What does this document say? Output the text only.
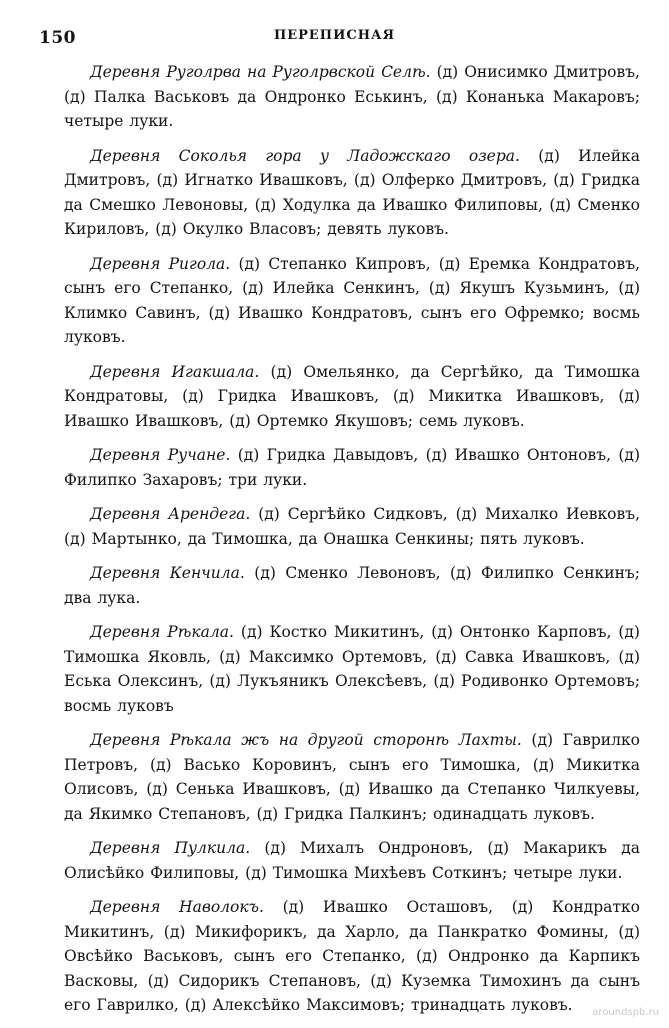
150	ПЕРЕПИСНАЯ

Деревня Руголрва на Руголрвской Селѣ. (д) Онисимко Дмитровъ, (д) Палка Васьковъ да Ондронко Еськинъ, (д) Конанька Макаровъ; четыре луки.

Деревня Соколья гора у Ладожскаго озера. (д) Илейка Дмитровъ, (д) Игнатко Ивашковъ, (д) Олферко Дмитровъ, (д) Гридка да Смешко Левоновы, (д) Ходулка да Ивашко Филиповы, (д) Сменко Кириловъ, (д) Окулко Власовъ; девять луковъ.

Деревня Ригола. (д) Степанко Кипровъ, (д) Еремка Кондратовъ, сынъ его Степанко, (д) Илейка Сенкинъ, (д) Якушъ Кузьминъ, (д) Климко Савинъ, (д) Ивашко Кондратовъ, сынъ его Офремко; восмь луковъ.

Деревня Игакшала. (д) Омельянко, да Сергѣйко, да Тимошка Кондратовы, (д) Гридка Ивашковъ, (д) Микитка Ивашковъ, (д) Ивашко Ивашковъ, (д) Ортемко Якушовъ; семь луковъ.

Деревня Ручане. (д) Гридка Давыдовъ, (д) Ивашко Онтоновъ, (д) Филипко Захаровъ; три луки.

Деревня Арендега. (д) Сергѣйко Сидковъ, (д) Михалко Иевковъ, (д) Мартынко, да Тимошка, да Онашка Сенкины; пять луковъ.

Деревня Кенчила. (д) Сменко Левоновъ, (д) Филипко Сенкинъ; два лука.

Деревня Рѣкала. (д) Костко Микитинъ, (д) Онтонко Карповъ, (д) Тимошка Яковль, (д) Максимко Ортемовъ, (д) Савка Ивашковъ, (д) Еська Олексинъ, (д) Лукъяникъ Олексѣевъ, (д) Родивонко Ортемовъ; восмь луковъ

Деревня Рѣкала жъ на другой сторонѣ Лахты. (д) Гаврилко Петровъ, (д) Васько Коровинъ, сынъ его Тимошка, (д) Микитка Олисовъ, (д) Сенька Ивашковъ, (д) Ивашко да Степанко Чилкуевы, да Якимко Степановъ, (д) Гридка Палкинъ; одинадцать луковъ.

Деревня Пулкила. (д) Михалъ Ондроновъ, (д) Макарикъ да Олисѣйко Филиповы, (д) Тимошка Михѣевъ Соткинъ; четыре луки.

Деревня Наволокъ. (д) Ивашко Осташовъ, (д) Кондратко Микитинъ, (д) Микифорикъ, да Харло, да Панкратко Фомины, (д) Овсѣйко Васьковъ, сынъ его Степанко, (д) Ондронко да Карпикъ Васковы, (д) Сидорикъ Степановъ, (д) Куземка Тимохинъ да сынъ его Гаврилко, (д) Алексѣйко Максимовъ; тринадцать луковъ.	aroundspb.ru
